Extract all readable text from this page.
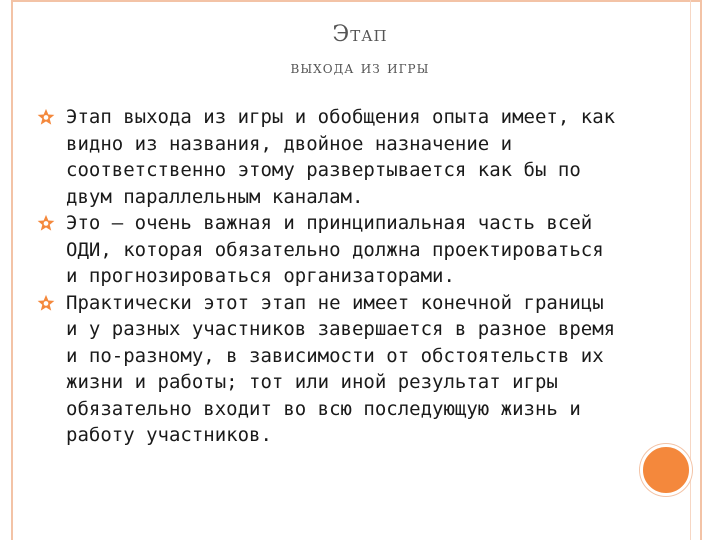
Этап
выхода из игры

Этап выхода из игры и обобщения опыта имеет, как видно из названия, двойное назначение и соответственно этому развертывается как бы по двум параллельным каналам.

Это – очень важная и принципиальная часть всей ОДИ, которая обязательно должна проектироваться и прогнозироваться организаторами.

Практически этот этап не имеет конечной границы и у разных участников завершается в разное время и по-разному, в зависимости от обстоятельств их жизни и работы; тот или иной результат игры обязательно входит во всю последующую жизнь и работу участников.
